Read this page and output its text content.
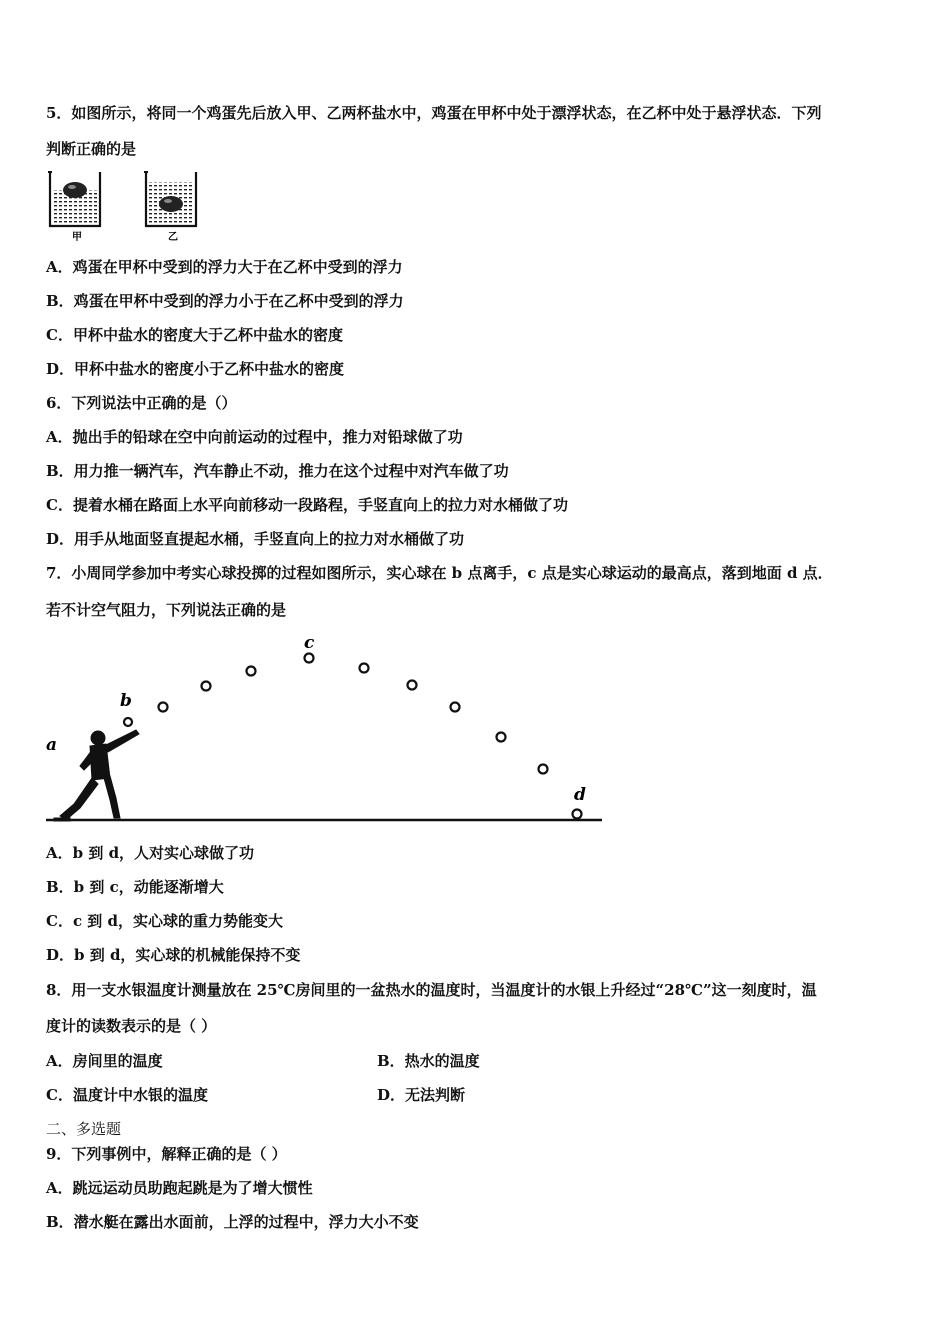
5．如图所示，将同一个鸡蛋先后放入甲、乙两杯盐水中，鸡蛋在甲杯中处于漂浮状态，在乙杯中处于悬浮状态．下列
判断正确的是
甲	乙
A．鸡蛋在甲杯中受到的浮力大于在乙杯中受到的浮力
B．鸡蛋在甲杯中受到的浮力小于在乙杯中受到的浮力
C．甲杯中盐水的密度大于乙杯中盐水的密度
D．甲杯中盐水的密度小于乙杯中盐水的密度
6．下列说法中正确的是（）
A．抛出手的铅球在空中向前运动的过程中，推力对铅球做了功
B．用力推一辆汽车，汽车静止不动，推力在这个过程中对汽车做了功
C．提着水桶在路面上水平向前移动一段路程，手竖直向上的拉力对水桶做了功
D．用手从地面竖直提起水桶，手竖直向上的拉力对水桶做了功
7．小周同学参加中考实心球投掷的过程如图所示，实心球在 b 点离手，c 点是实心球运动的最高点，落到地面 d 点．
若不计空气阻力，下列说法正确的是
a
b
c
d
A．b 到 d，人对实心球做了功
B．b 到 c，动能逐渐增大
C．c 到 d，实心球的重力势能变大
D．b 到 d，实心球的机械能保持不变
8．用一支水银温度计测量放在 25℃房间里的一盆热水的温度时，当温度计的水银上升经过“28℃”这一刻度时，温
度计的读数表示的是（ ）
A．房间里的温度	B．热水的温度
C．温度计中水银的温度	D．无法判断
二、多选题
9．下列事例中，解释正确的是（ ）
A．跳远运动员助跑起跳是为了增大惯性
B．潜水艇在露出水面前，上浮的过程中，浮力大小不变
